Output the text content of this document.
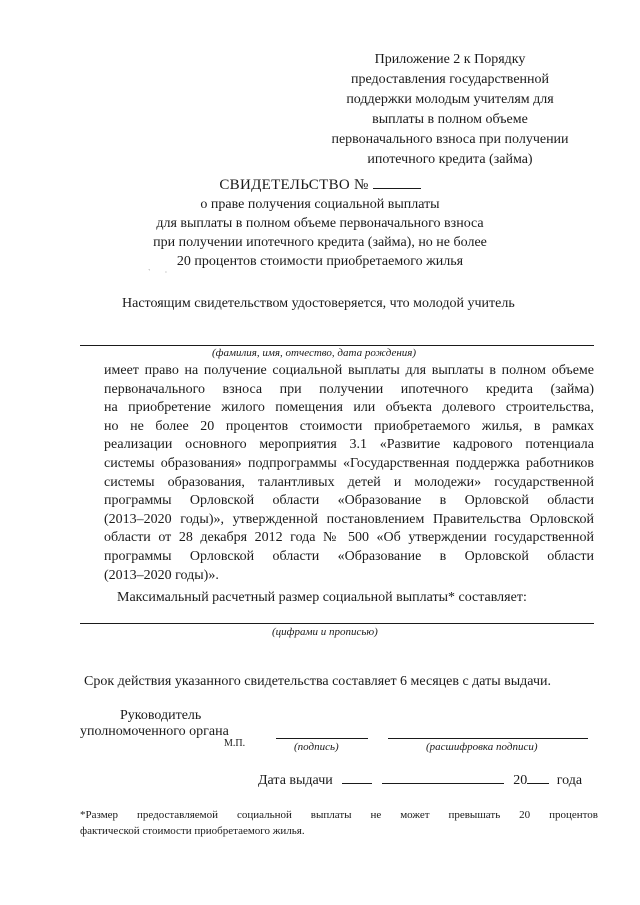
Приложение 2 к Порядку
предоставления государственной
поддержки молодым учителям для
выплаты в полном объеме
первоначального взноса при получении
ипотечного кредита (займа)
СВИДЕТЕЛЬСТВО №
о праве получения социальной выплаты
для выплаты в полном объеме первоначального взноса
при получении ипотечного кредита (займа), но не более
20 процентов стоимости приобретаемого жилья
ˋ       ·
Настоящим свидетельством удостоверяется, что молодой учитель
(фамилия, имя, отчество, дата рождения)
имеет право на получение социальной выплаты для выплаты в полном объеме
первоначального взноса при получении ипотечного кредита (займа)
на приобретение жилого помещения или объекта долевого строительства,
но не более 20 процентов стоимости приобретаемого жилья, в рамках
реализации основного мероприятия 3.1 «Развитие кадрового потенциала
системы образования» подпрограммы «Государственная поддержка работников
системы образования, талантливых детей и молодежи» государственной
программы Орловской области «Образование в Орловской области
(2013–2020 годы)», утвержденной постановлением Правительства Орловской
области от 28 декабря 2012 года № 500 «Об утверждении государственной
программы Орловской области «Образование в Орловской области
(2013–2020 годы)».
Максимальный расчетный размер социальной выплаты* составляет:
(цифрами и прописью)
Срок действия указанного свидетельства составляет 6 месяцев с даты выдачи.
Руководитель
уполномоченного органа
М.П.	(подпись)	(расшифровка подписи)
Дата выдачи	20 года
*Размер предоставляемой социальной выплаты не может превышать 20 процентов
фактической стоимости приобретаемого жилья.
